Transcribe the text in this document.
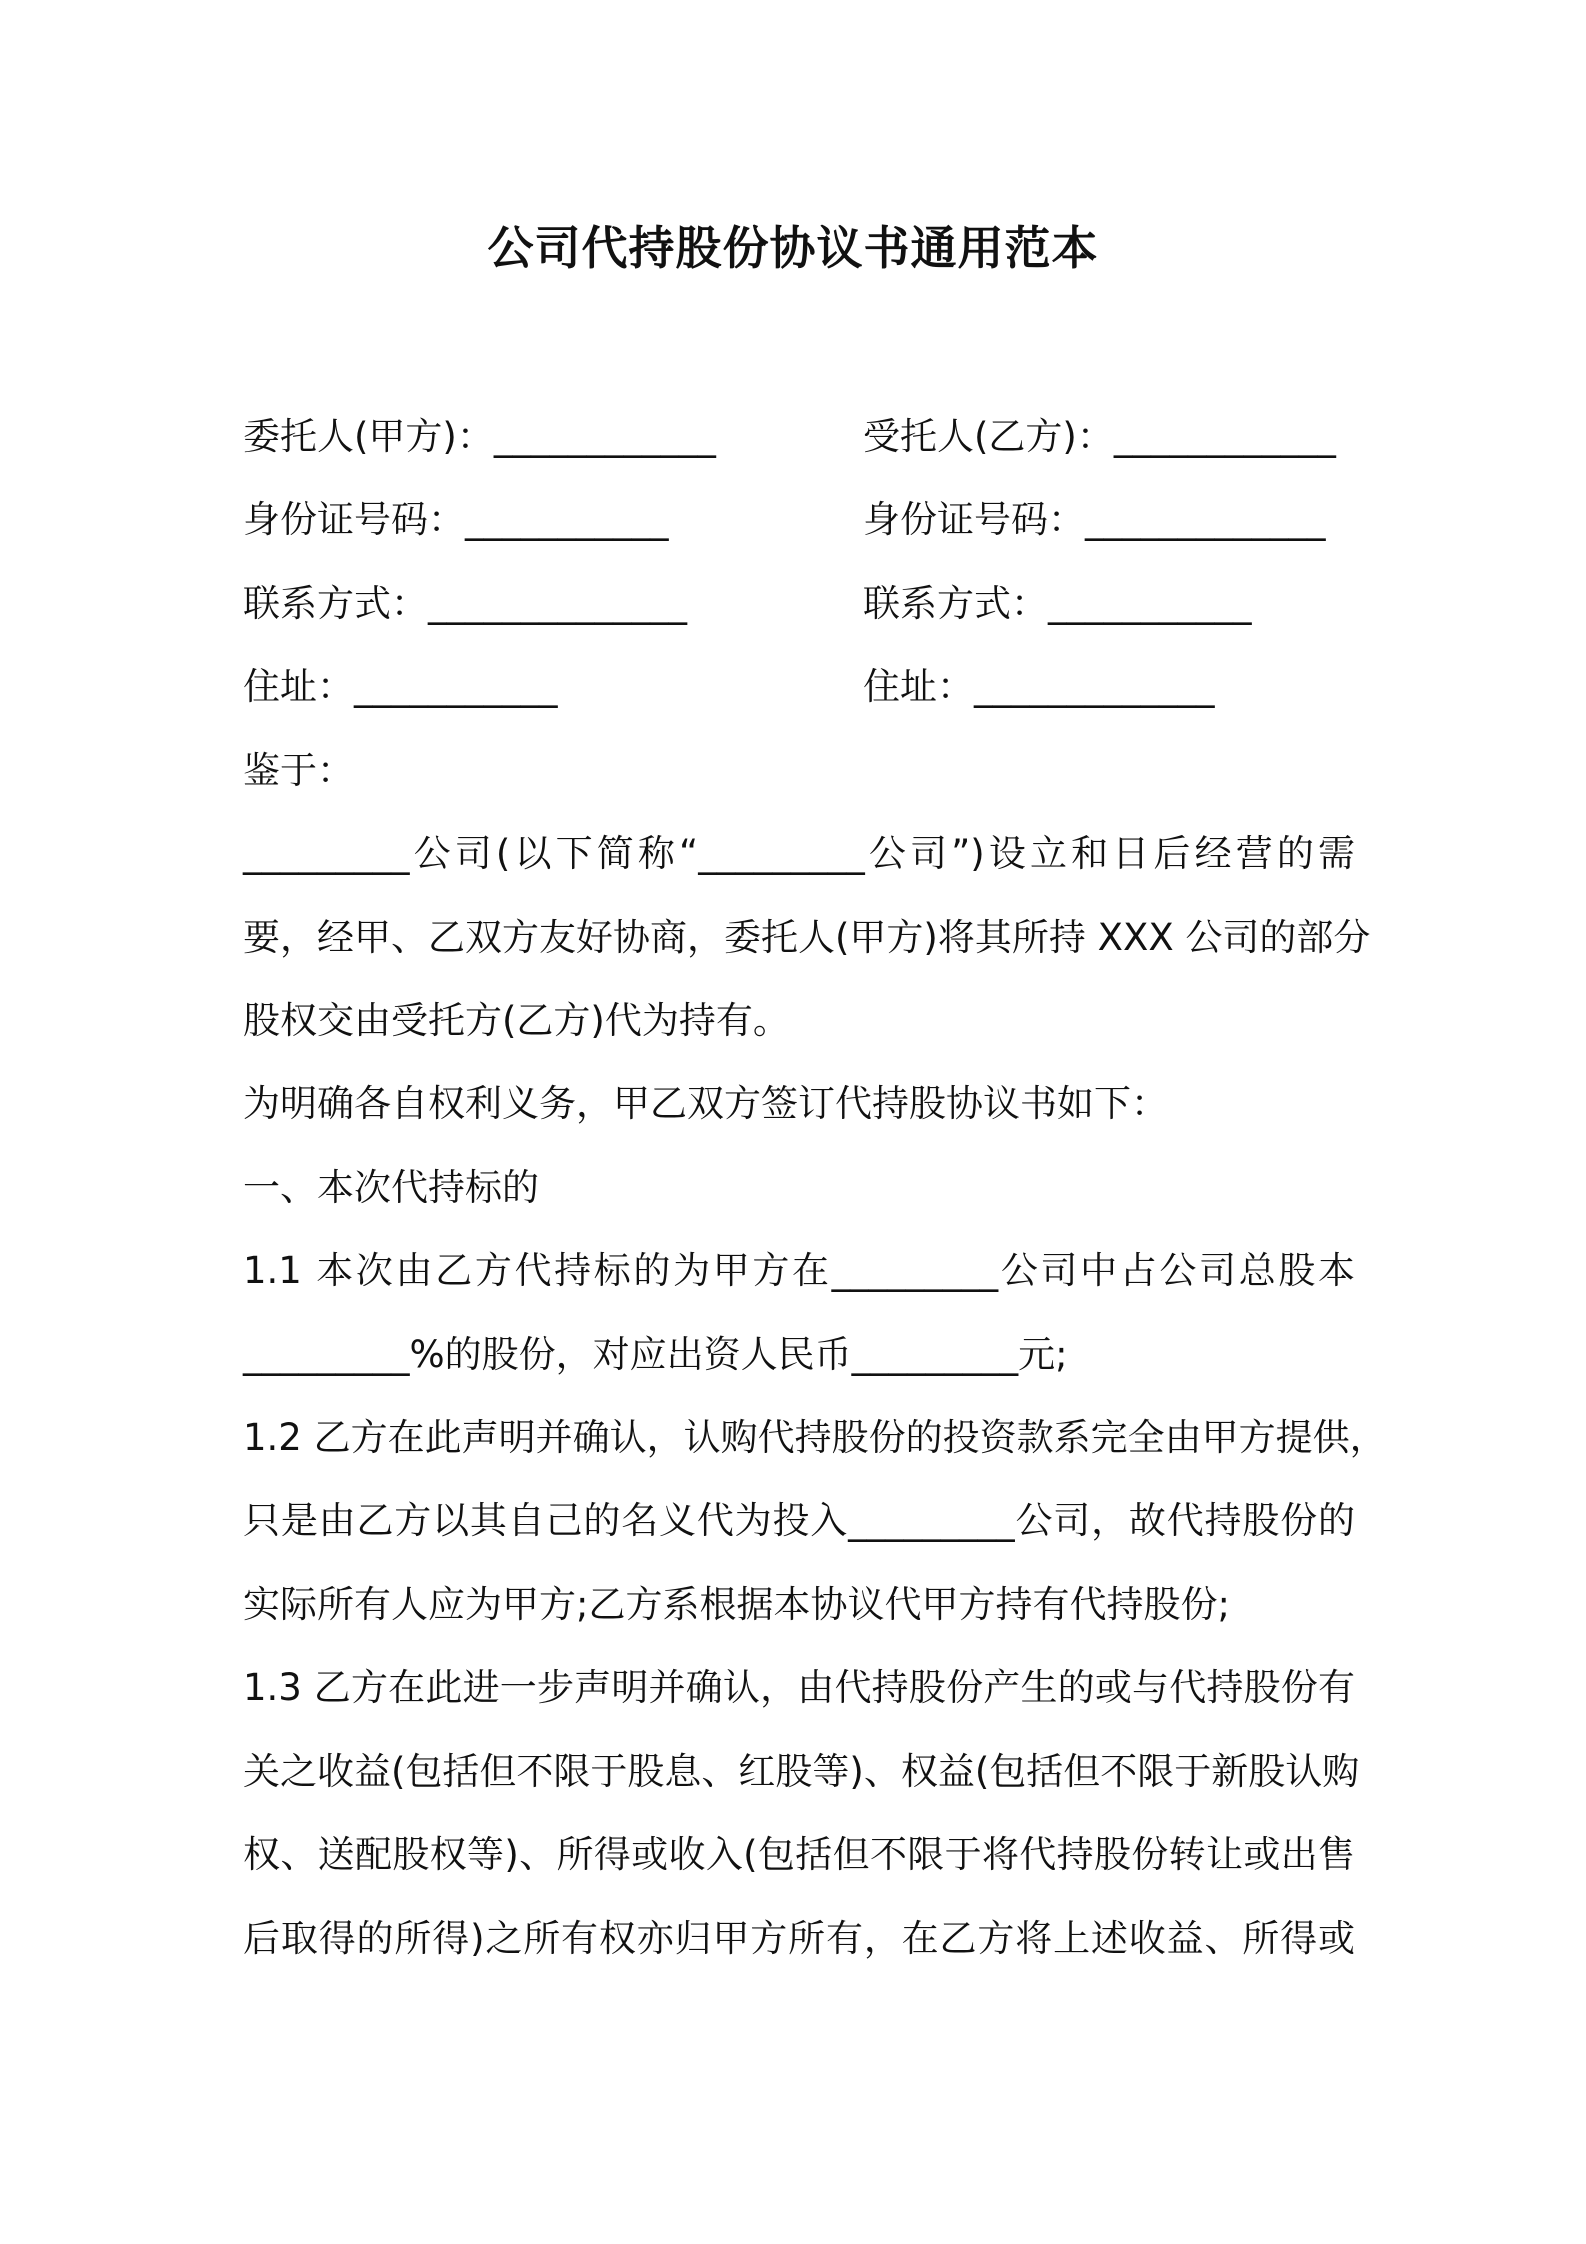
公司代持股份协议书通用范本
委托人(甲方)：____________
身份证号码：___________
联系方式：______________
住址：___________
受托人(乙方)：____________
身份证号码：_____________
联系方式：___________
住址：_____________
鉴于：
_________公司(以下简称“_________公司”)设立和日后经营的需
要，经甲、乙双方友好协商，委托人(甲方)将其所持 XXX 公司的部分
股权交由受托方(乙方)代为持有。
为明确各自权利义务，甲乙双方签订代持股协议书如下：
一、本次代持标的
1.1 本次由乙方代持标的为甲方在_________公司中占公司总股本
_________%的股份，对应出资人民币_________元;
1.2 乙方在此声明并确认，认购代持股份的投资款系完全由甲方提供，
只是由乙方以其自己的名义代为投入_________公司，故代持股份的
实际所有人应为甲方;乙方系根据本协议代甲方持有代持股份;
1.3 乙方在此进一步声明并确认，由代持股份产生的或与代持股份有
关之收益(包括但不限于股息、红股等)、权益(包括但不限于新股认购
权、送配股权等)、所得或收入(包括但不限于将代持股份转让或出售
后取得的所得)之所有权亦归甲方所有，在乙方将上述收益、所得或
